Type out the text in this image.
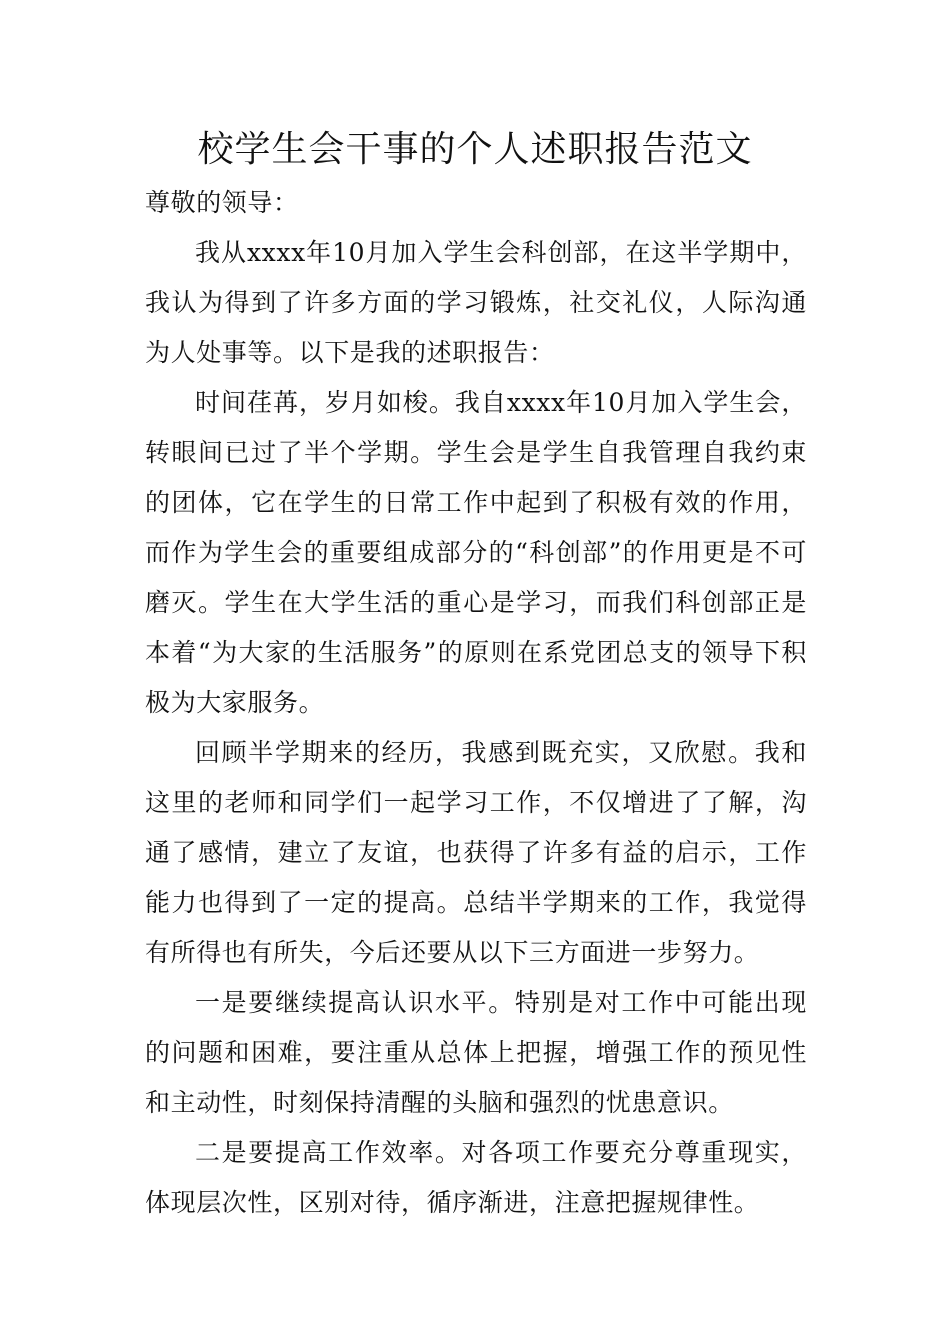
校学生会干事的个人述职报告范文

尊敬的领导：

我从xxxx年10月加入学生会科创部，在这半学期中，我认为得到了许多方面的学习锻炼，社交礼仪，人际沟通为人处事等。以下是我的述职报告：

时间荏苒，岁月如梭。我自xxxx年10月加入学生会，转眼间已过了半个学期。学生会是学生自我管理自我约束的团体，它在学生的日常工作中起到了积极有效的作用，而作为学生会的重要组成部分的“科创部”的作用更是不可磨灭。学生在大学生活的重心是学习，而我们科创部正是本着“为大家的生活服务”的原则在系党团总支的领导下积极为大家服务。

回顾半学期来的经历，我感到既充实，又欣慰。我和这里的老师和同学们一起学习工作，不仅增进了了解，沟通了感情，建立了友谊，也获得了许多有益的启示，工作能力也得到了一定的提高。总结半学期来的工作，我觉得有所得也有所失，今后还要从以下三方面进一步努力。

一是要继续提高认识水平。特别是对工作中可能出现的问题和困难，要注重从总体上把握，增强工作的预见性和主动性，时刻保持清醒的头脑和强烈的忧患意识。

二是要提高工作效率。对各项工作要充分尊重现实，体现层次性，区别对待，循序渐进，注意把握规律性。
